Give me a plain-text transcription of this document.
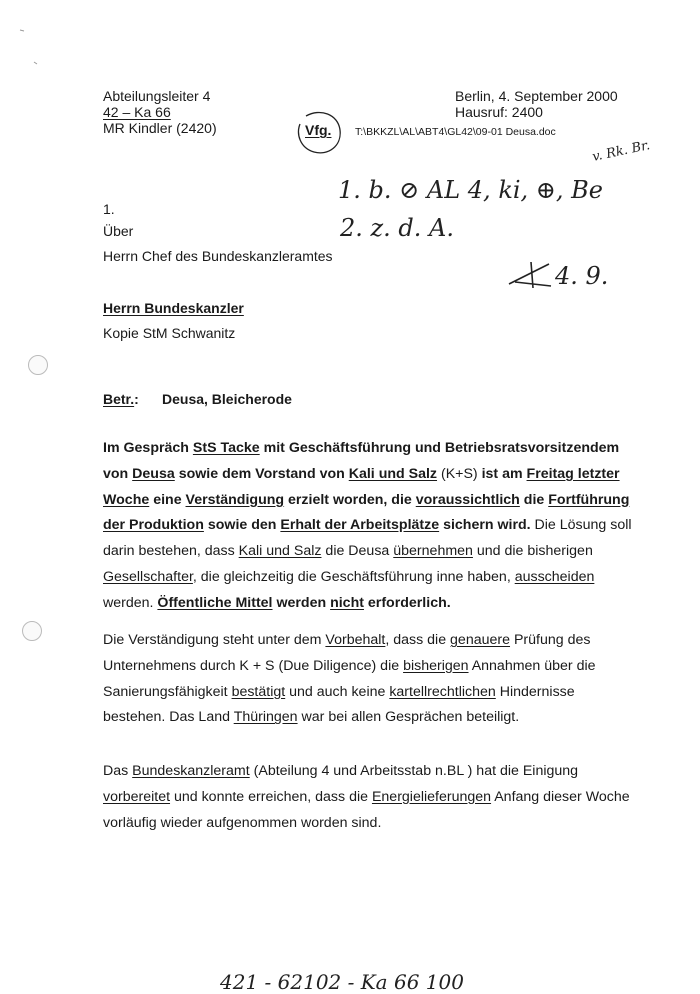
Abteilungsleiter 4
42 – Ka 66
MR Kindler (2420)
Berlin, 4. September 2000
Hausruf: 2400
Vfg. T:\BKKZL\AL\ABT4\GL42\09-01 Deusa.doc
1.
Über
Herrn Chef des Bundeskanzleramtes
Herrn Bundeskanzler
Kopie StM Schwanitz
Betr.: Deusa, Bleicherode
Im Gespräch StS Tacke mit Geschäftsführung und Betriebsratsvorsitzendem von Deusa sowie dem Vorstand von Kali und Salz (K+S) ist am Freitag letzter Woche eine Verständigung erzielt worden, die voraussichtlich die Fortführung der Produktion sowie den Erhalt der Arbeitsplätze sichern wird. Die Lösung soll darin bestehen, dass Kali und Salz die Deusa übernehmen und die bisherigen Gesellschafter, die gleichzeitig die Geschäftsführung inne haben, ausscheiden werden. Öffentliche Mittel werden nicht erforderlich.
Die Verständigung steht unter dem Vorbehalt, dass die genauere Prüfung des Unternehmens durch K + S (Due Diligence) die bisherigen Annahmen über die Sanierungsfähigkeit bestätigt und auch keine kartellrechtlichen Hindernisse bestehen. Das Land Thüringen war bei allen Gesprächen beteiligt.
Das Bundeskanzleramt (Abteilung 4 und Arbeitsstab n.BL ) hat die Einigung vorbereitet und konnte erreichen, dass die Energielieferungen Anfang dieser Woche vorläufig wieder aufgenommen worden sind.
1. b. ⊘ AL 4, ki, ⊕, Be
2. z. d. A.
4. 9.
v. Rk. Br.
421 - 62102 - Ka 66 100
